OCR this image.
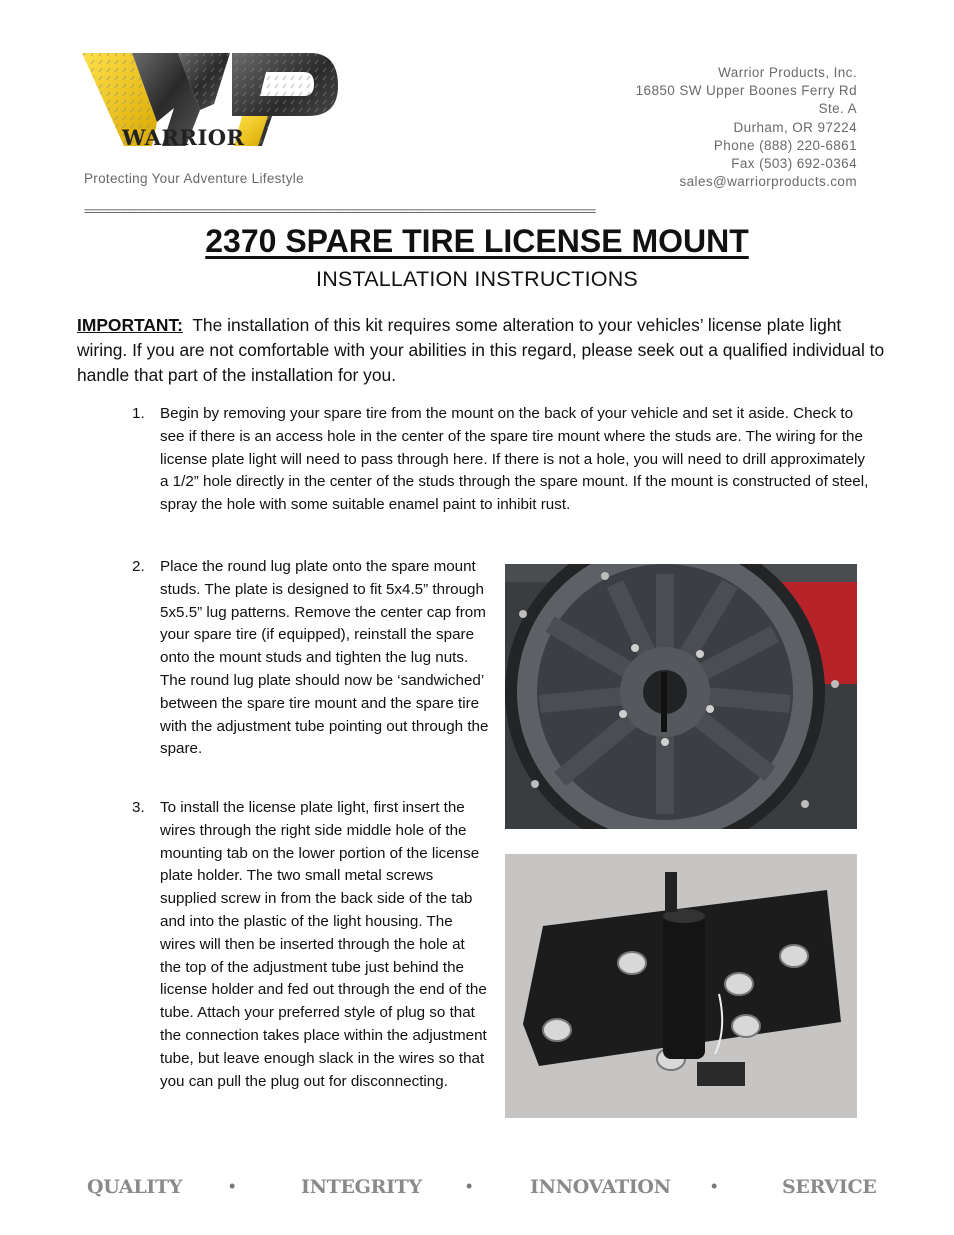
WARRIOR
Protecting Your Adventure Lifestyle
Warrior Products, Inc.
16850 SW Upper Boones Ferry Rd
Ste. A
Durham, OR 97224
Phone (888) 220-6861
Fax (503) 692-0364
sales@warriorproducts.com
================================================================================================
2370 SPARE TIRE LICENSE MOUNT
INSTALLATION INSTRUCTIONS
IMPORTANT: The installation of this kit requires some alteration to your vehicles’ license plate light wiring. If you are not comfortable with your abilities in this regard, please seek out a qualified individual to handle that part of the installation for you.
1. Begin by removing your spare tire from the mount on the back of your vehicle and set it aside. Check to see if there is an access hole in the center of the spare tire mount where the studs are. The wiring for the license plate light will need to pass through here. If there is not a hole, you will need to drill approximately a 1/2” hole directly in the center of the studs through the spare mount. If the mount is constructed of steel, spray the hole with some suitable enamel paint to inhibit rust.
2. Place the round lug plate onto the spare mount studs. The plate is designed to fit 5x4.5” through 5x5.5” lug patterns. Remove the center cap from your spare tire (if equipped), reinstall the spare onto the mount studs and tighten the lug nuts. The round lug plate should now be ‘sandwiched’ between the spare tire mount and the spare tire with the adjustment tube pointing out through the spare.
3. To install the license plate light, first insert the wires through the right side middle hole of the mounting tab on the lower portion of the license plate holder. The two small metal screws supplied screw in from the back side of the tab and into the plastic of the light housing. The wires will then be inserted through the hole at the top of the adjustment tube just behind the license holder and fed out through the end of the tube. Attach your preferred style of plug so that the connection takes place within the adjustment tube, but leave enough slack in the wires so that you can pull the plug out for disconnecting.
QUALITY	•	INTEGRITY •	INNOVATION •	SERVICE
